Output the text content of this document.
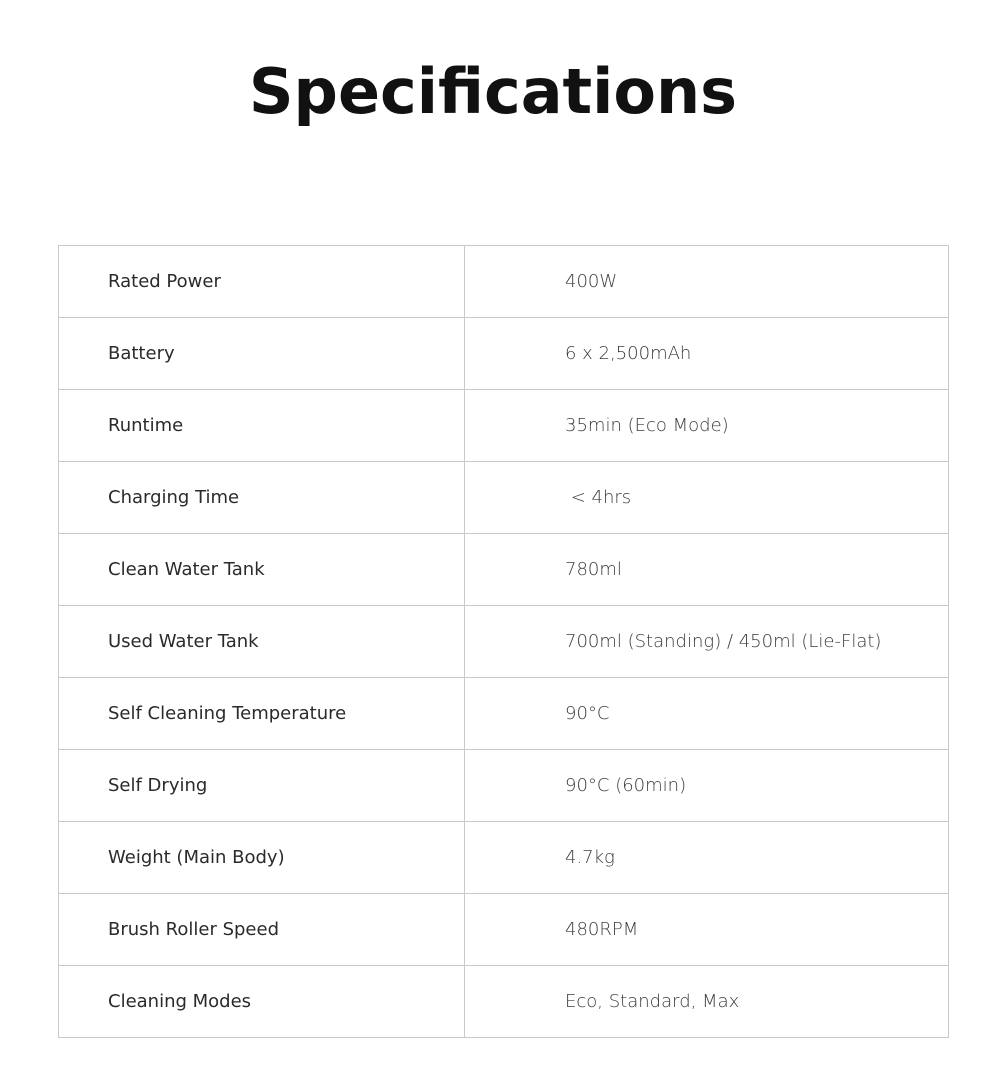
Specifications
Rated Power	400W
Battery	6 x 2,500mAh
Runtime	35min (Eco Mode)
Charging Time	< 4hrs
Clean Water Tank	780ml
Used Water Tank	700ml (Standing) / 450ml (Lie-Flat)
Self Cleaning Temperature	90°C
Self Drying	90°C (60min)
Weight (Main Body)	4.7kg
Brush Roller Speed	480RPM
Cleaning Modes	Eco, Standard, Max
